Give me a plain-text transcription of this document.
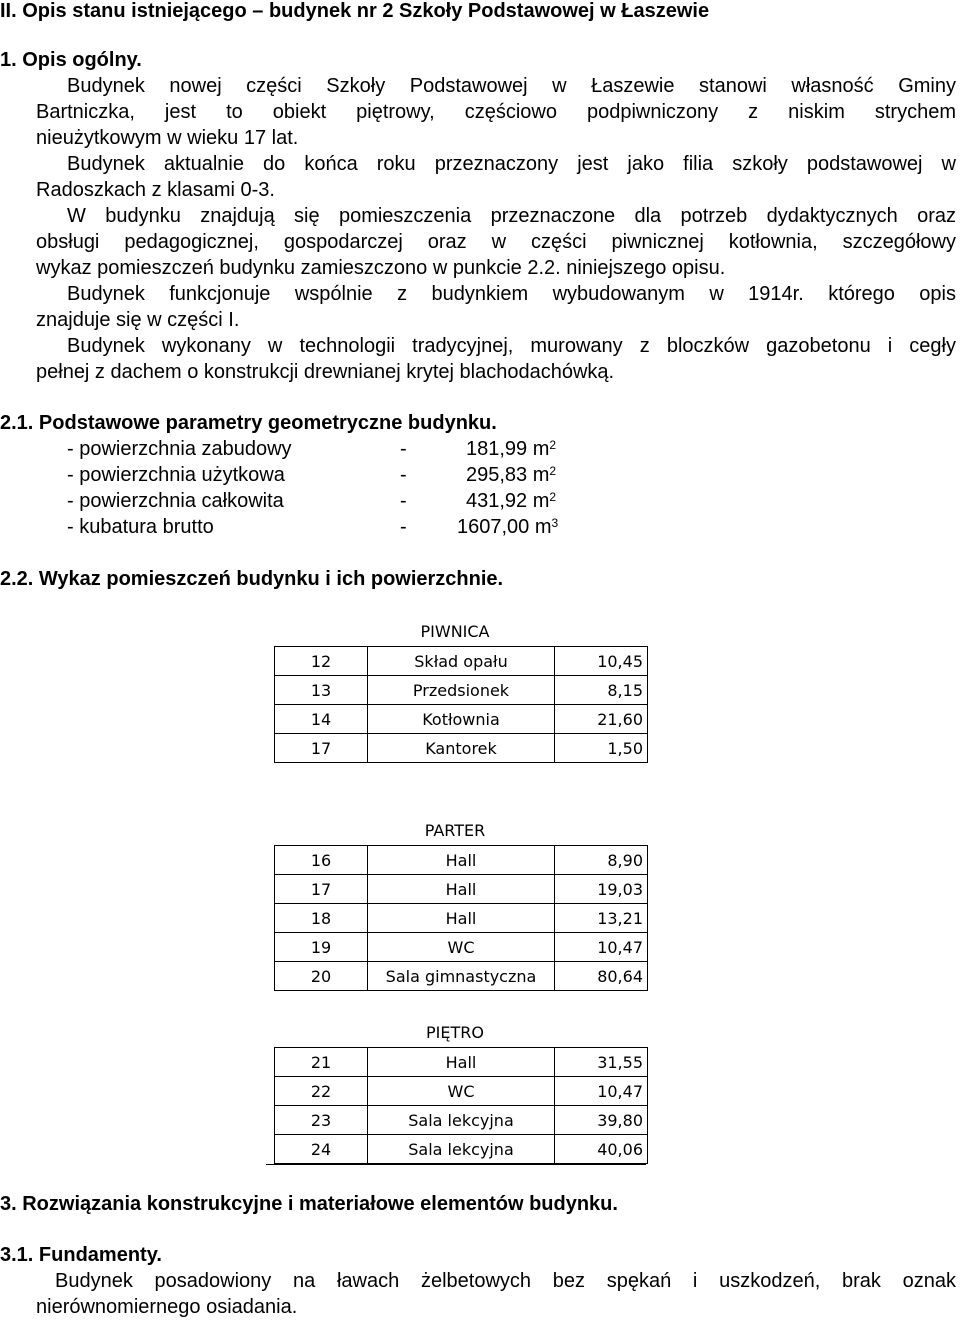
II. Opis stanu istniejącego – budynek nr 2 Szkoły Podstawowej w Łaszewie
1. Opis ogólny.
Budynek nowej części Szkoły Podstawowej w Łaszewie stanowi własność Gminy
Bartniczka, jest to obiekt piętrowy, częściowo podpiwniczony z niskim strychem
nieużytkowym w wieku 17 lat.
Budynek aktualnie do końca roku przeznaczony jest jako filia szkoły podstawowej w
Radoszkach z klasami 0-3.
W budynku znajdują się pomieszczenia przeznaczone dla potrzeb dydaktycznych oraz
obsługi pedagogicznej, gospodarczej oraz w części piwnicznej kotłownia, szczegółowy
wykaz pomieszczeń budynku zamieszczono w punkcie 2.2. niniejszego opisu.
Budynek funkcjonuje wspólnie z budynkiem wybudowanym w 1914r. którego opis
znajduje się w części I.
Budynek wykonany w technologii tradycyjnej, murowany z bloczków gazobetonu i cegły
pełnej z dachem o konstrukcji drewnianej krytej blachodachówką.
2.1. Podstawowe parametry geometryczne budynku.
- powierzchnia zabudowy	-	181,99 $m^2$
- powierzchnia użytkowa	-	295,83 $m^2$
- powierzchnia całkowita	-	431,92 $m^2$
- kubatura brutto	-	1607,00 $m^3$
2.2. Wykaz pomieszczeń budynku i ich powierzchnie.
PIWNICA
12	Skład opału	10,45
13	Przedsionek	8,15
14	Kotłownia	21,60
17	Kantorek	1,50
PARTER
16	Hall	8,90
17	Hall	19,03
18	Hall	13,21
19	WC	10,47
20	Sala gimnastyczna	80,64
PIĘTRO
21	Hall	31,55
22	WC	10,47
23	Sala lekcyjna	39,80
24	Sala lekcyjna	40,06
3. Rozwiązania konstrukcyjne i materiałowe elementów budynku.
3.1. Fundamenty.
Budynek posadowiony na ławach żelbetowych bez spękań i uszkodzeń, brak oznak
nierównomiernego osiadania.
